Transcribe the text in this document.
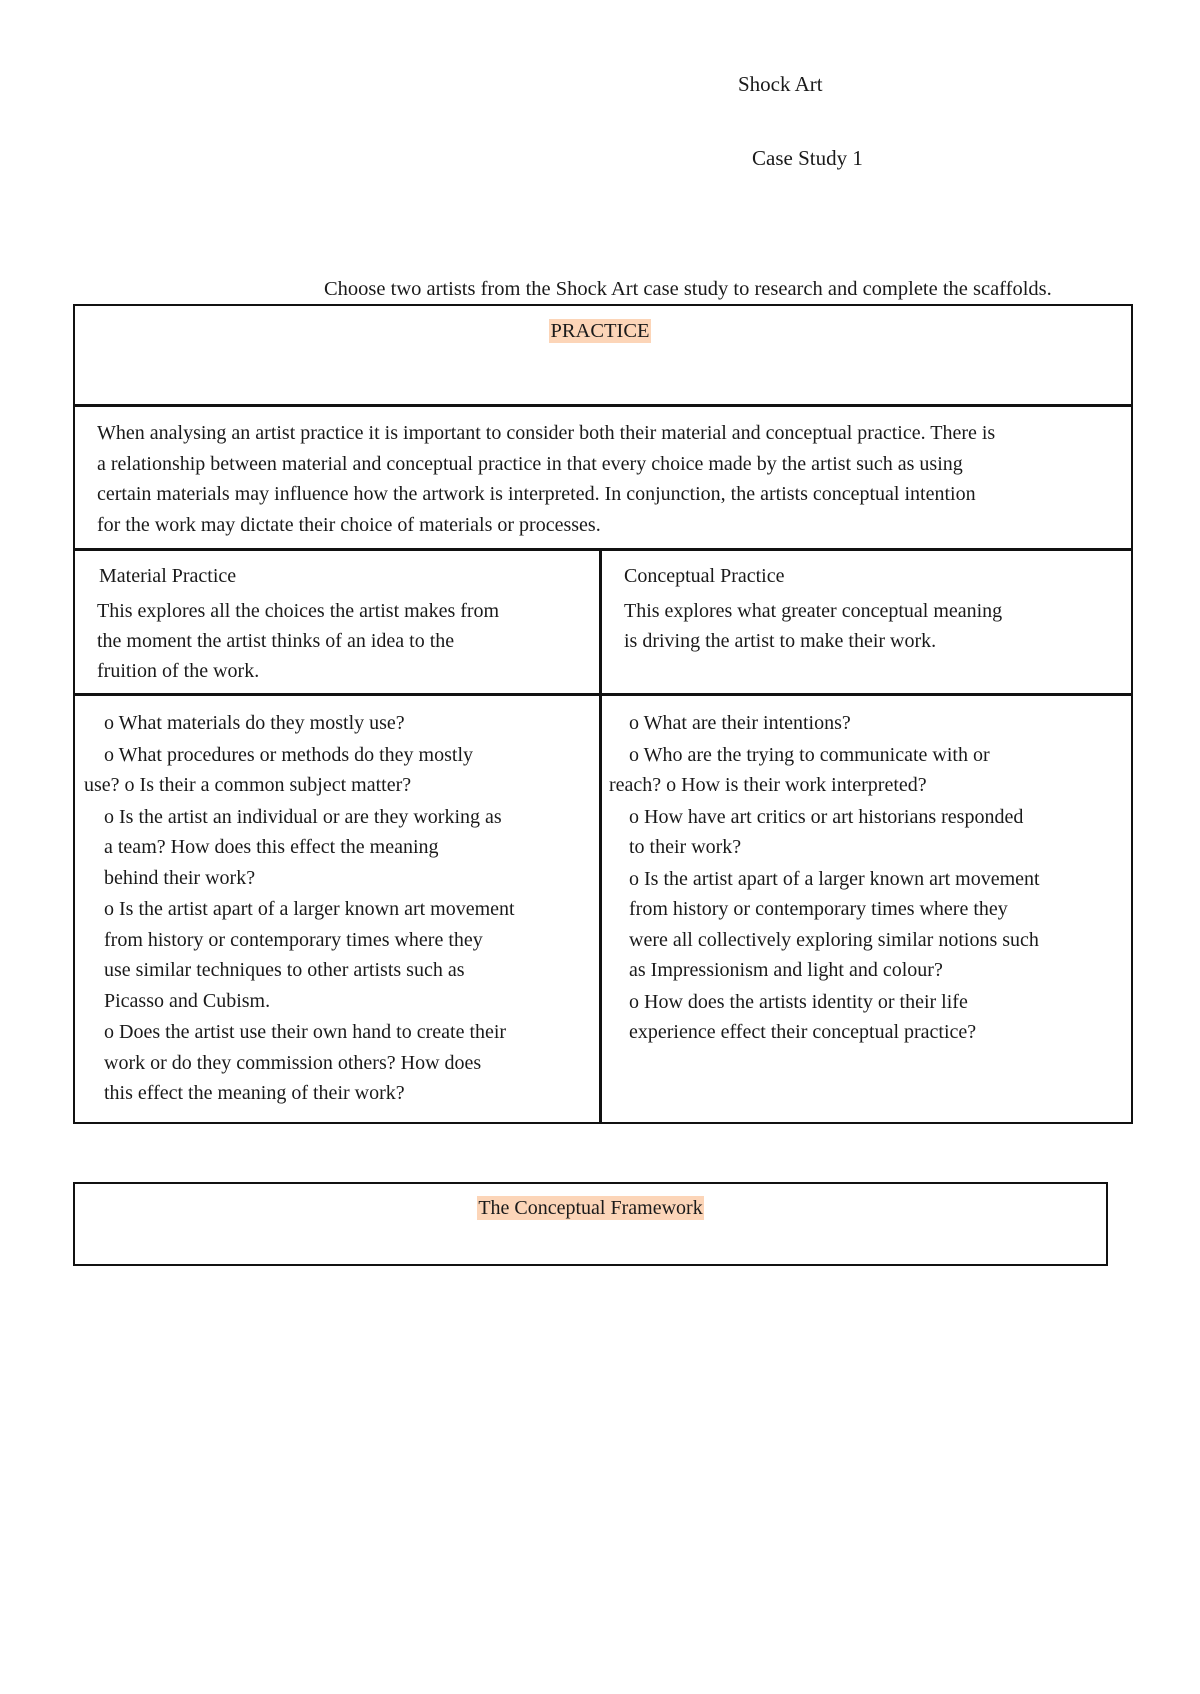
Shock Art
Case Study 1
Choose two artists from the Shock Art case study to research and complete the scaffolds.
PRACTICE
When analysing an artist practice it is important to consider both their material and conceptual practice. There is
a relationship between material and conceptual practice in that every choice made by the artist such as using
certain materials may influence how the artwork is interpreted. In conjunction, the artists conceptual intention
for the work may dictate their choice of materials or processes.
Material Practice
This explores all the choices the artist makes from
the moment the artist thinks of an idea to the
fruition of the work.
Conceptual Practice
This explores what greater conceptual meaning
is driving the artist to make their work.
o What materials do they mostly use?
o What procedures or methods do they mostly
use? o Is their a common subject matter?
o Is the artist an individual or are they working as
a team? How does this effect the meaning
behind their work?
o Is the artist apart of a larger known art movement
from history or contemporary times where they
use similar techniques to other artists such as
Picasso and Cubism.
o Does the artist use their own hand to create their
work or do they commission others? How does
this effect the meaning of their work?
o What are their intentions?
o Who are the trying to communicate with or
reach? o How is their work interpreted?
o How have art critics or art historians responded
to their work?
o Is the artist apart of a larger known art movement
from history or contemporary times where they
were all collectively exploring similar notions such
as Impressionism and light and colour?
o How does the artists identity or their life
experience effect their conceptual practice?
The Conceptual Framework
